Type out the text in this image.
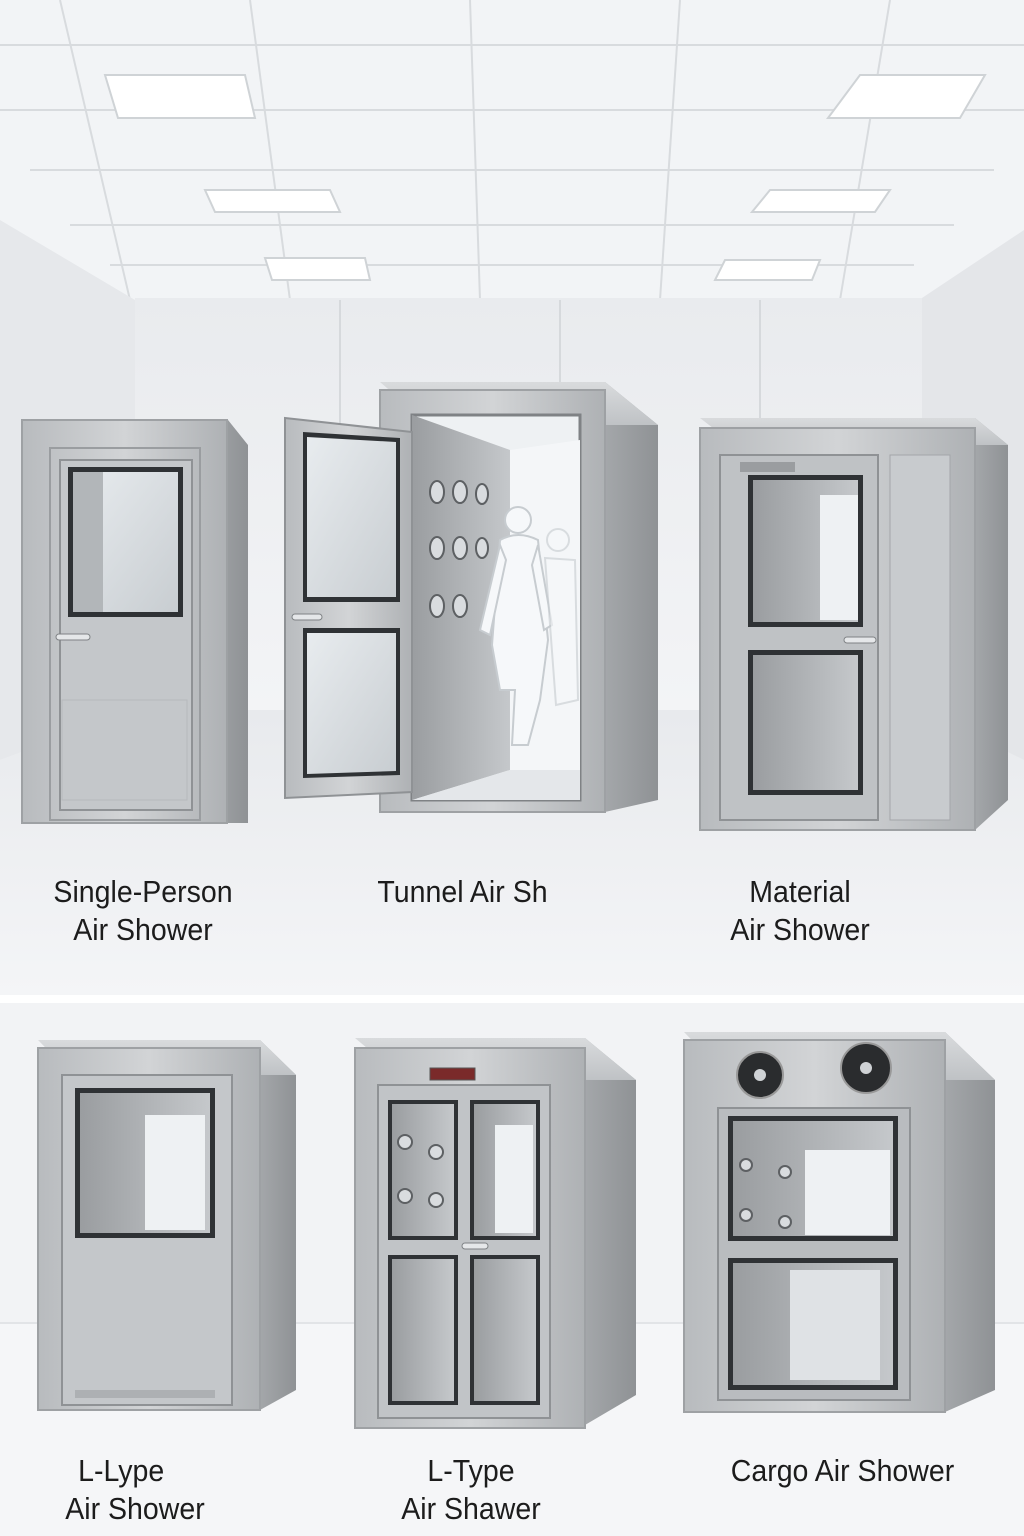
Single-Person
Air Shower
Tunnel Air Sh	Material
Air Shower
L-Lype
Air Shower
L-Type
Air Shawer
Cargo Air Shower
